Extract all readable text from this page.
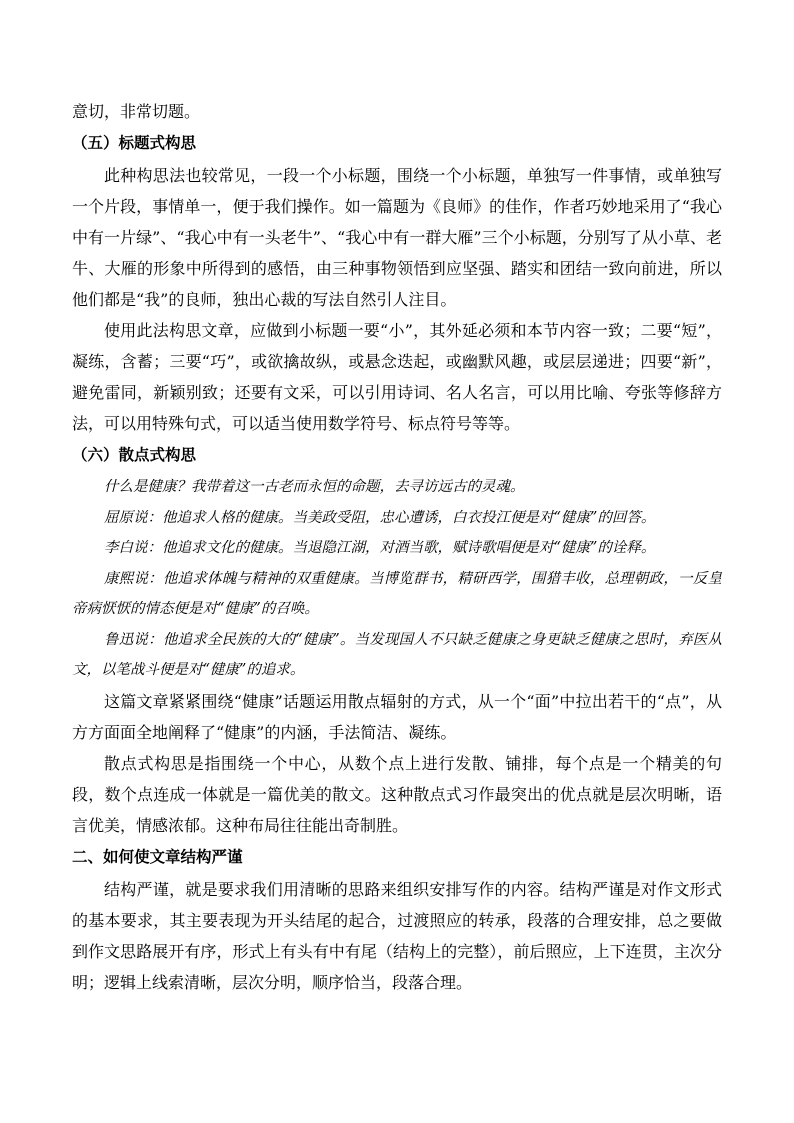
意切，非常切题。

（五）标题式构思

此种构思法也较常见，一段一个小标题，围绕一个小标题，单独写一件事情，或单独写一个片段，事情单一，便于我们操作。如一篇题为《良师》的佳作，作者巧妙地采用了“我心中有一片绿”、“我心中有一头老牛”、“我心中有一群大雁”三个小标题，分别写了从小草、老牛、大雁的形象中所得到的感悟，由三种事物领悟到应坚强、踏实和团结一致向前进，所以他们都是“我”的良师，独出心裁的写法自然引人注目。

使用此法构思文章，应做到小标题一要“小”，其外延必须和本节内容一致；二要“短”，凝练，含蓄；三要“巧”，或欲擒故纵，或悬念迭起，或幽默风趣，或层层递进；四要“新”，避免雷同，新颖别致；还要有文采，可以引用诗词、名人名言，可以用比喻、夸张等修辞方法，可以用特殊句式，可以适当使用数学符号、标点符号等等。

（六）散点式构思

什么是健康？我带着这一古老而永恒的命题，去寻访远古的灵魂。

屈原说：他追求人格的健康。当美政受阻，忠心遭诱，白衣投江便是对“健康”的回答。

李白说：他追求文化的健康。当退隐江湖，对酒当歌，赋诗歌唱便是对“健康”的诠释。

康熙说：他追求体魄与精神的双重健康。当博览群书，精研西学，围猎丰收，总理朝政，一反皇帝病恹恹的情态便是对“健康”的召唤。

鲁迅说：他追求全民族的大的“健康”。当发现国人不只缺乏健康之身更缺乏健康之思时，弃医从文，以笔战斗便是对“健康”的追求。

这篇文章紧紧围绕“健康”话题运用散点辐射的方式，从一个“面”中拉出若干的“点”，从方方面面全地阐释了“健康”的内涵，手法简洁、凝练。

散点式构思是指围绕一个中心，从数个点上进行发散、铺排，每个点是一个精美的句段，数个点连成一体就是一篇优美的散文。这种散点式习作最突出的优点就是层次明晰，语言优美，情感浓郁。这种布局往往能出奇制胜。

二、如何使文章结构严谨

结构严谨，就是要求我们用清晰的思路来组织安排写作的内容。结构严谨是对作文形式的基本要求，其主要表现为开头结尾的起合，过渡照应的转承，段落的合理安排，总之要做到作文思路展开有序，形式上有头有中有尾（结构上的完整），前后照应，上下连贯，主次分明；逻辑上线索清晰，层次分明，顺序恰当，段落合理。
